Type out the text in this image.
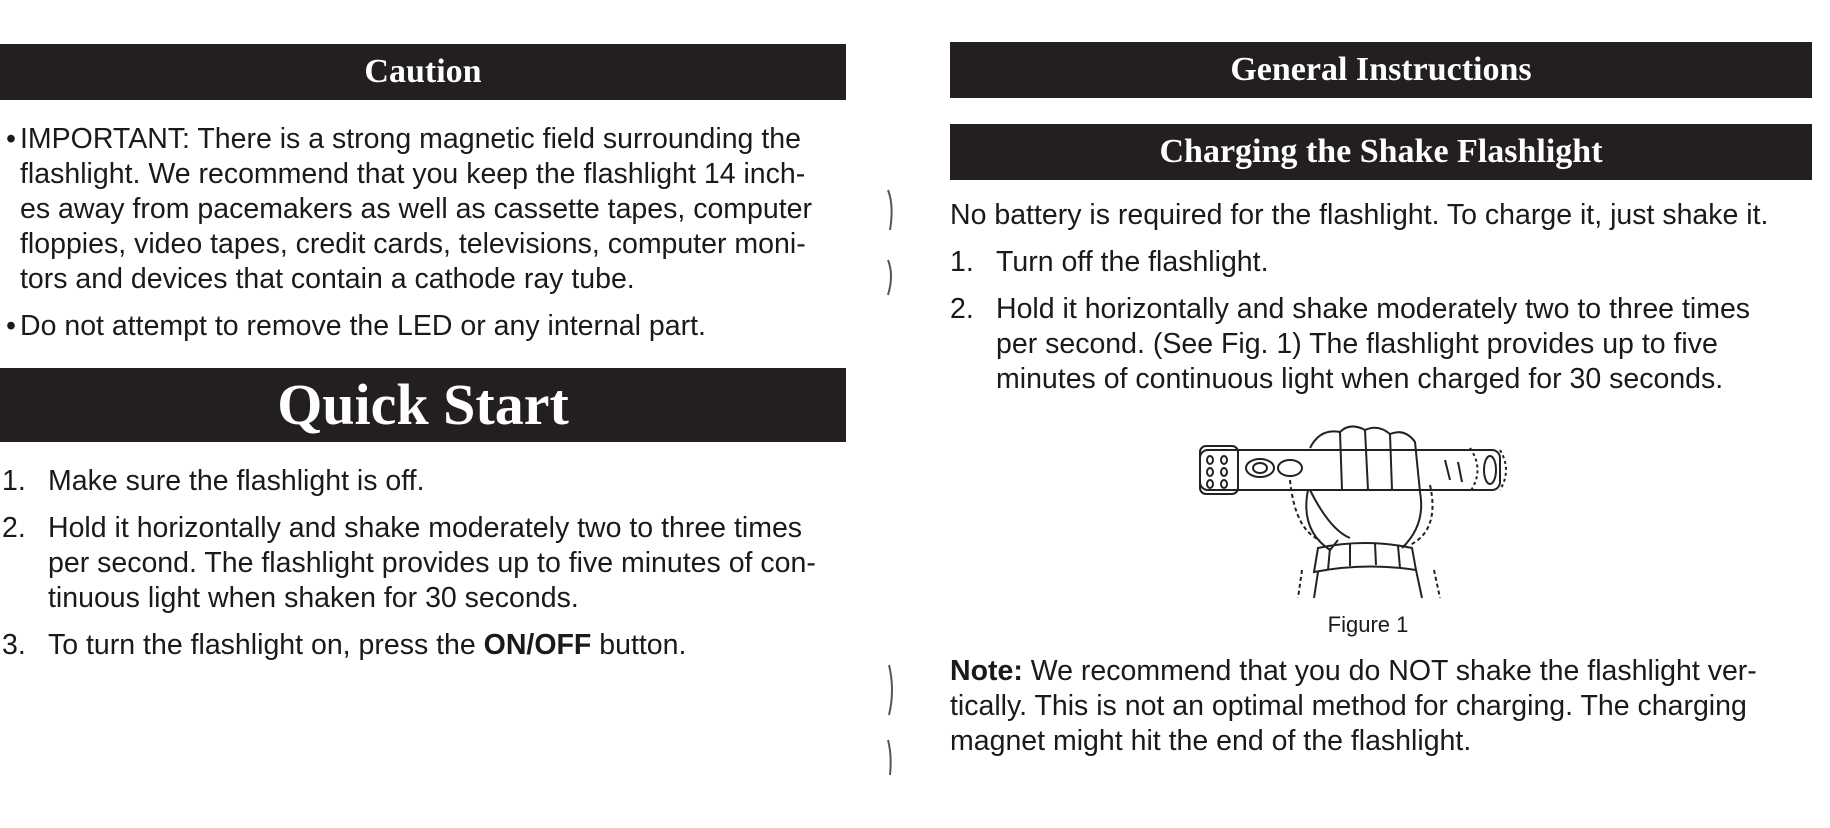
Caution
• IMPORTANT: There is a strong magnetic field surrounding the flashlight. We recommend that you keep the flashlight 14 inch-es away from pacemakers as well as cassette tapes, computer floppies, video tapes, credit cards, televisions, computer moni-tors and devices that contain a cathode ray tube.
• Do not attempt to remove the LED or any internal part.
Quick Start
1. Make sure the flashlight is off.
2. Hold it horizontally and shake moderately two to three times per second. The flashlight provides up to five minutes of con-tinuous light when shaken for 30 seconds.
3. To turn the flashlight on, press the ON/OFF button.
General Instructions
Charging the Shake Flashlight

No battery is required for the flashlight. To charge it, just shake it.

1. Turn off the flashlight.
2. Hold it horizontally and shake moderately two to three times per second. (See Fig. 1) The flashlight provides up to five minutes of continuous light when charged for 30 seconds.
Figure 1

Note: We recommend that you do NOT shake the flashlight ver-tically. This is not an optimal method for charging. The charging magnet might hit the end of the flashlight.
